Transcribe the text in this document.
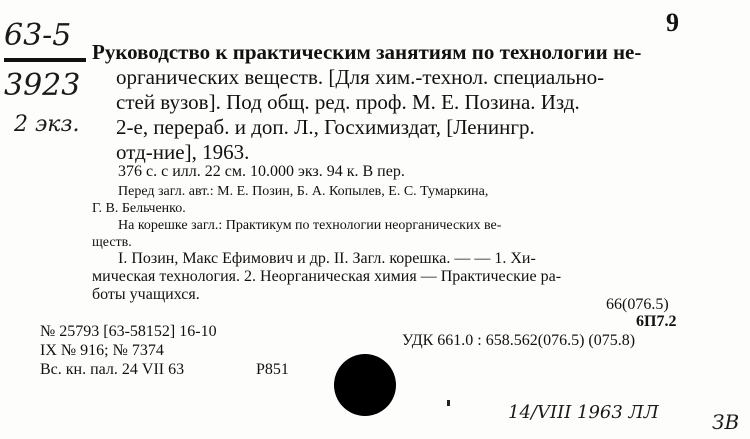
9
63-5
3923
2 экз.
Руководство к практическим занятиям по технологии не-
органических веществ. [Для хим.-технол. специально-
стей вузов]. Под общ. ред. проф. М. Е. Позина. Изд.
2-е, перераб. и доп. Л., Госхимиздат, [Ленингр.
отд-ние], 1963.
376 с. с илл. 22 см. 10.000 экз. 94 к. В пер.
Перед загл. авт.: М. Е. Позин, Б. А. Копылев, Е. С. Тумаркина,
Г. В. Бельченко.
На корешке загл.: Практикум по технологии неорганических ве-
ществ.
I. Позин, Макс Ефимович и др. II. Загл. корешка. — — 1. Хи-
мическая технология. 2. Неорганическая химия — Практические ра-
боты учащихся.
66(076.5)
6П7.2
УДК 661.0 : 658.562(076.5) (075.8)
№ 25793 [63-58152] 16-10
IX № 916; № 7374
Вс. кн. пал. 24 VII 63	Р851
14/VIII 1963 ЛЛ	ЗВ
